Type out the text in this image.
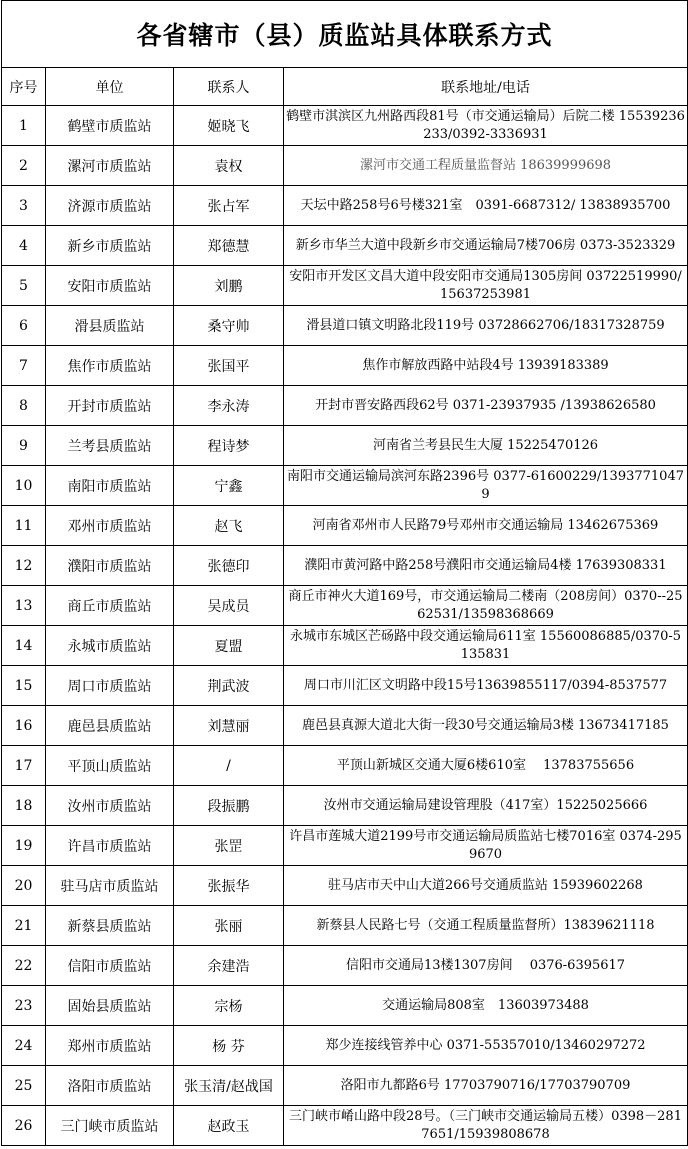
各省辖市（县）质监站具体联系方式			
序号	单位	联系人	联系地址/电话
1	鹤壁市质监站	姬晓飞	鹤壁市淇滨区九州路西段81号（市交通运输局）后院二楼 15539236233/0392-3336931
2	漯河市质监站	袁权	漯河市交通工程质量监督站 18639999698
3	济源市质监站	张占军	天坛中路258号6号楼321室　0391-6687312/ 13838935700
4	新乡市质监站	郑德慧	新乡市华兰大道中段新乡市交通运输局7楼706房 0373-3523329
5	安阳市质监站	刘鹏	安阳市开发区文昌大道中段安阳市交通局1305房间 03722519990/15637253981
6	滑县质监站	桑守帅	滑县道口镇文明路北段119号 03728662706/18317328759
7	焦作市质监站	张国平	焦作市解放西路中站段4号 13939183389
8	开封市质监站	李永涛	开封市晋安路西段62号 0371-23937935 /13938626580
9	兰考县质监站	程诗梦	河南省兰考县民生大厦 15225470126
10	南阳市质监站	宁鑫	南阳市交通运输局滨河东路2396号 0377-61600229/13937710479
11	邓州市质监站	赵飞	河南省邓州市人民路79号邓州市交通运输局 13462675369
12	濮阳市质监站	张德印	濮阳市黄河路中路258号濮阳市交通运输局4楼 17639308331
13	商丘市质监站	吴成员	商丘市神火大道169号，市交通运输局二楼南（208房间）0370--2562531/13598368669
14	永城市质监站	夏盟	永城市东城区芒砀路中段交通运输局611室 15560086885/0370-5135831
15	周口市质监站	荆武波	周口市川汇区文明路中段15号13639855117/0394-8537577
16	鹿邑县质监站	刘慧丽	鹿邑县真源大道北大街一段30号交通运输局3楼 13673417185
17	平顶山质监站	/	平顶山新城区交通大厦6楼610室　 13783755656
18	汝州市质监站	段振鹏	汝州市交通运输局建设管理股（417室）15225025666
19	许昌市质监站	张罡	许昌市莲城大道2199号市交通运输局质监站七楼7016室 0374-2959670
20	驻马店市质监站	张振华	驻马店市天中山大道266号交通质监站 15939602268
21	新蔡县质监站	张丽	新蔡县人民路七号（交通工程质量监督所）13839621118
22	信阳市质监站	余建浩	信阳市交通局13楼1307房间　 0376-6395617
23	固始县质监站	宗杨	交通运输局808室　13603973488
24	郑州市质监站	杨 芬	郑少连接线管养中心 0371-55357010/13460297272
25	洛阳市质监站	张玉清/赵战国	洛阳市九都路6号 17703790716/17703790709
26	三门峡市质监站	赵政玉	三门峡市崤山路中段28号。（三门峡市交通运输局五楼）0398－2817651/15939808678
